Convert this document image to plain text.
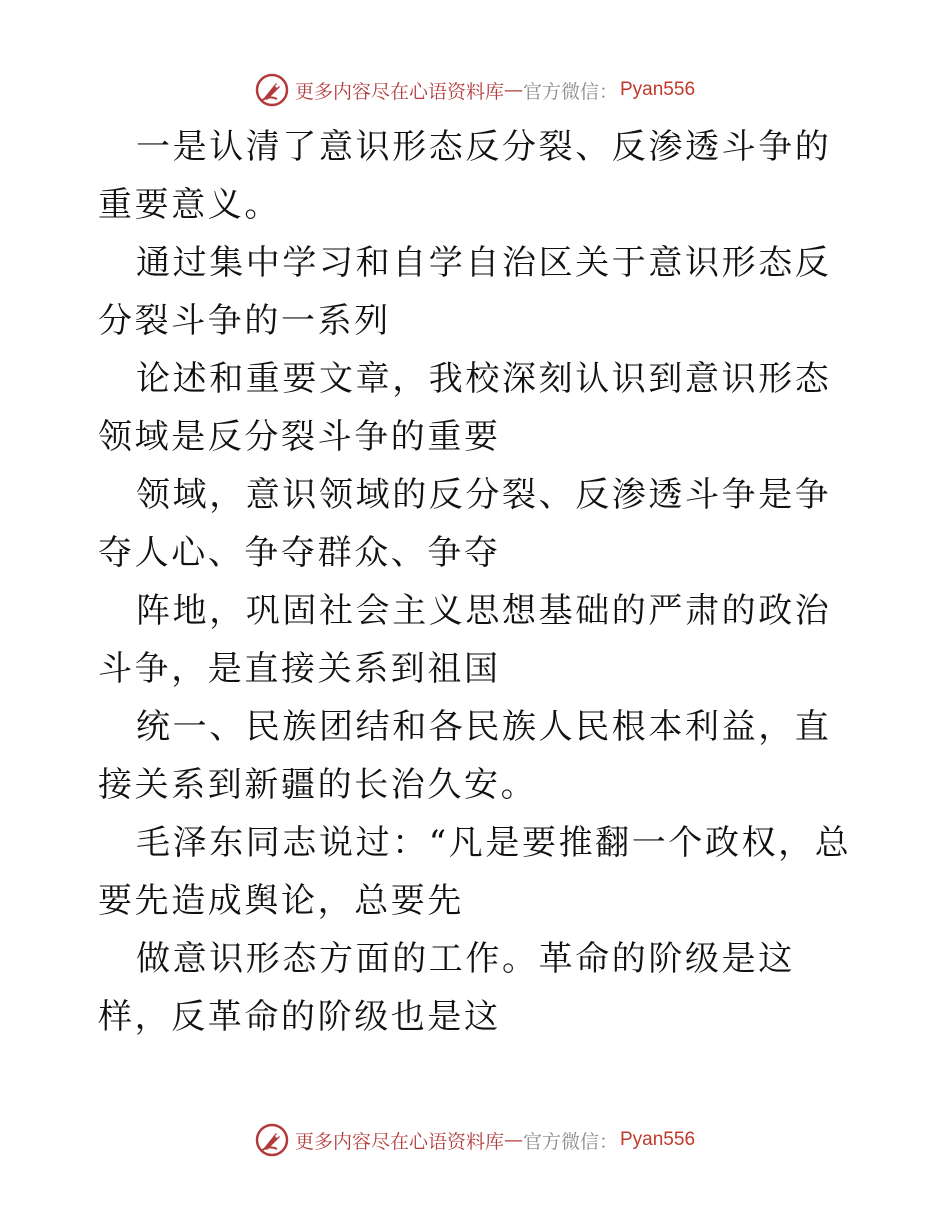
更多内容尽在心语资料库 — 官方微信： Pyan556

一是认清了意识形态反分裂、反渗透斗争的重要意义。

通过集中学习和自学自治区关于意识形态反分裂斗争的一系列

论述和重要文章，我校深刻认识到意识形态领域是反分裂斗争的重要

领域，意识领域的反分裂、反渗透斗争是争夺人心、争夺群众、争夺

阵地，巩固社会主义思想基础的严肃的政治斗争，是直接关系到祖国

统一、民族团结和各民族人民根本利益，直接关系到新疆的长治久安。

毛泽东同志说过：“凡是要推翻一个政权，总要先造成舆论，总要先

做意识形态方面的工作。革命的阶级是这样，反革命的阶级也是这

更多内容尽在心语资料库 — 官方微信： Pyan556
